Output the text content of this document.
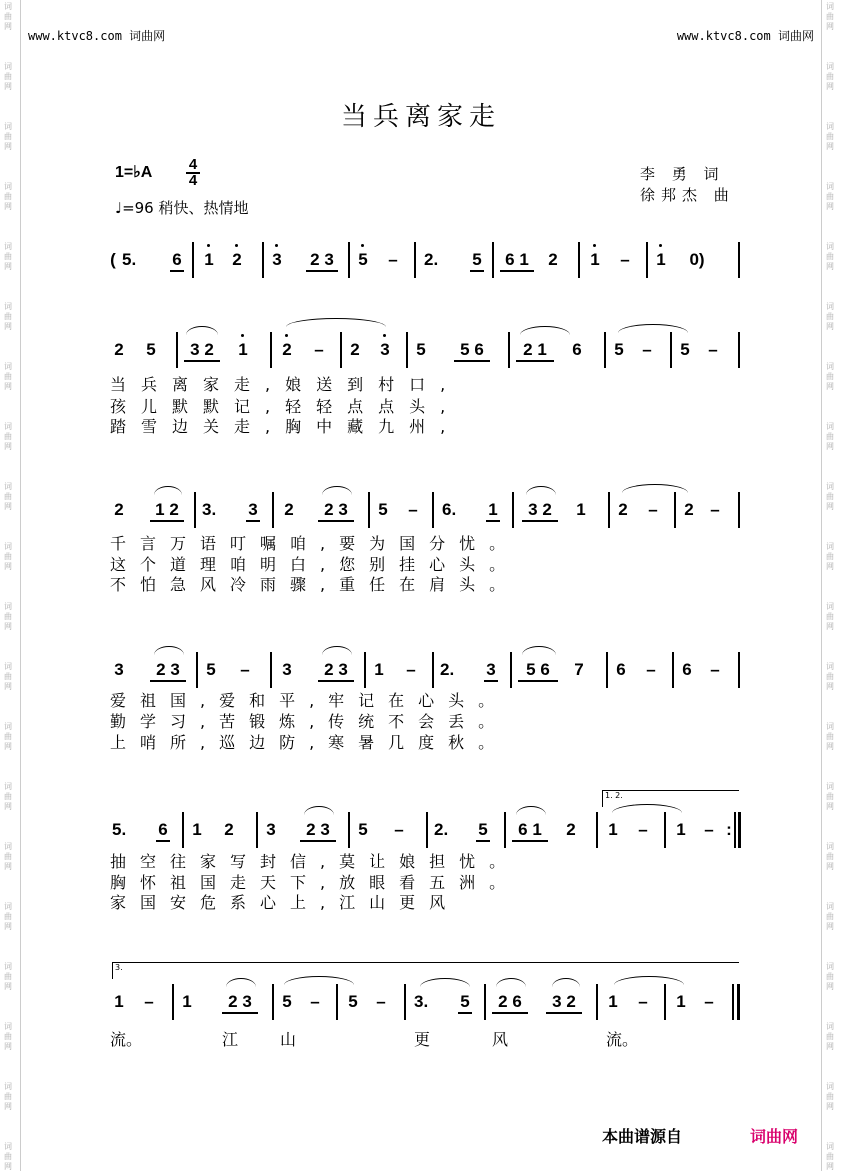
词
曲
网
词
曲
网
词
曲
网
词
曲
网
词
曲
网
词
曲
网
词
曲
网
词
曲
网
词
曲
网
词
曲
网
词
曲
网
词
曲
网
词
曲
网
词
曲
网
词
曲
网
词
曲
网
词
曲
网
词
曲
网
词
曲
网
词
曲
网
词
曲
网
词
曲
网
词
曲
网
词
曲
网
词
曲
网
词
曲
网
词
曲
网
词
曲
网
词
曲
网
词
曲
网
词
曲
网
词
曲
网
词
曲
网
词
曲
网
词
曲
网
词
曲
网
词
曲
网
词
曲
网
词
曲
网
词
曲
网
www.ktvc8.com 词曲网	www.ktvc8.com 词曲网
当兵离家走
1=♭A $\frac{4}{4}$
♩=96 稍快、热情地
李 勇 词
徐邦杰 曲
( 5. 6 1 2 3 2 3 5 – 2. 5	6 1	2 1 – 1	0)
2 5	3 2	1 2 – 2 3 5	5 6	2 1	6 5 – 5 –
当兵离家走,娘送到村口,
孩儿默默记,轻轻点点头,
踏雪边关走,胸中藏九州,
2	1 2	3. 3 2	2 3	5 – 6. 1	3 2	1 2 – 2 –
千言万语叮嘱咱,要为国分忧。
这个道理咱明白,您别挂心头。
不怕急风冷雨骤,重任在肩头。
3	2 3	5 – 3	2 3	1 – 2. 3	5 6	7 6 – 6 –
爱祖国,爱和平,牢记在心头。
勤学习,苦锻炼,传统不会丢。
上哨所,巡边防,寒暑几度秋。
1. 2.
5. 6 1 2 3	2 3	5 – 2. 5	6 1	2 1 – 1 – :
抽空往家写封信,莫让娘担忧。
胸怀祖国走天下,放眼看五洲。
家国安危系心上,江山更风
3.
1 – 1	2 3	5 – 5 – 3. 5	2 6	3 2	1 – 1 –
流。	江	山	更	风	流。
本曲谱源自	词曲网
